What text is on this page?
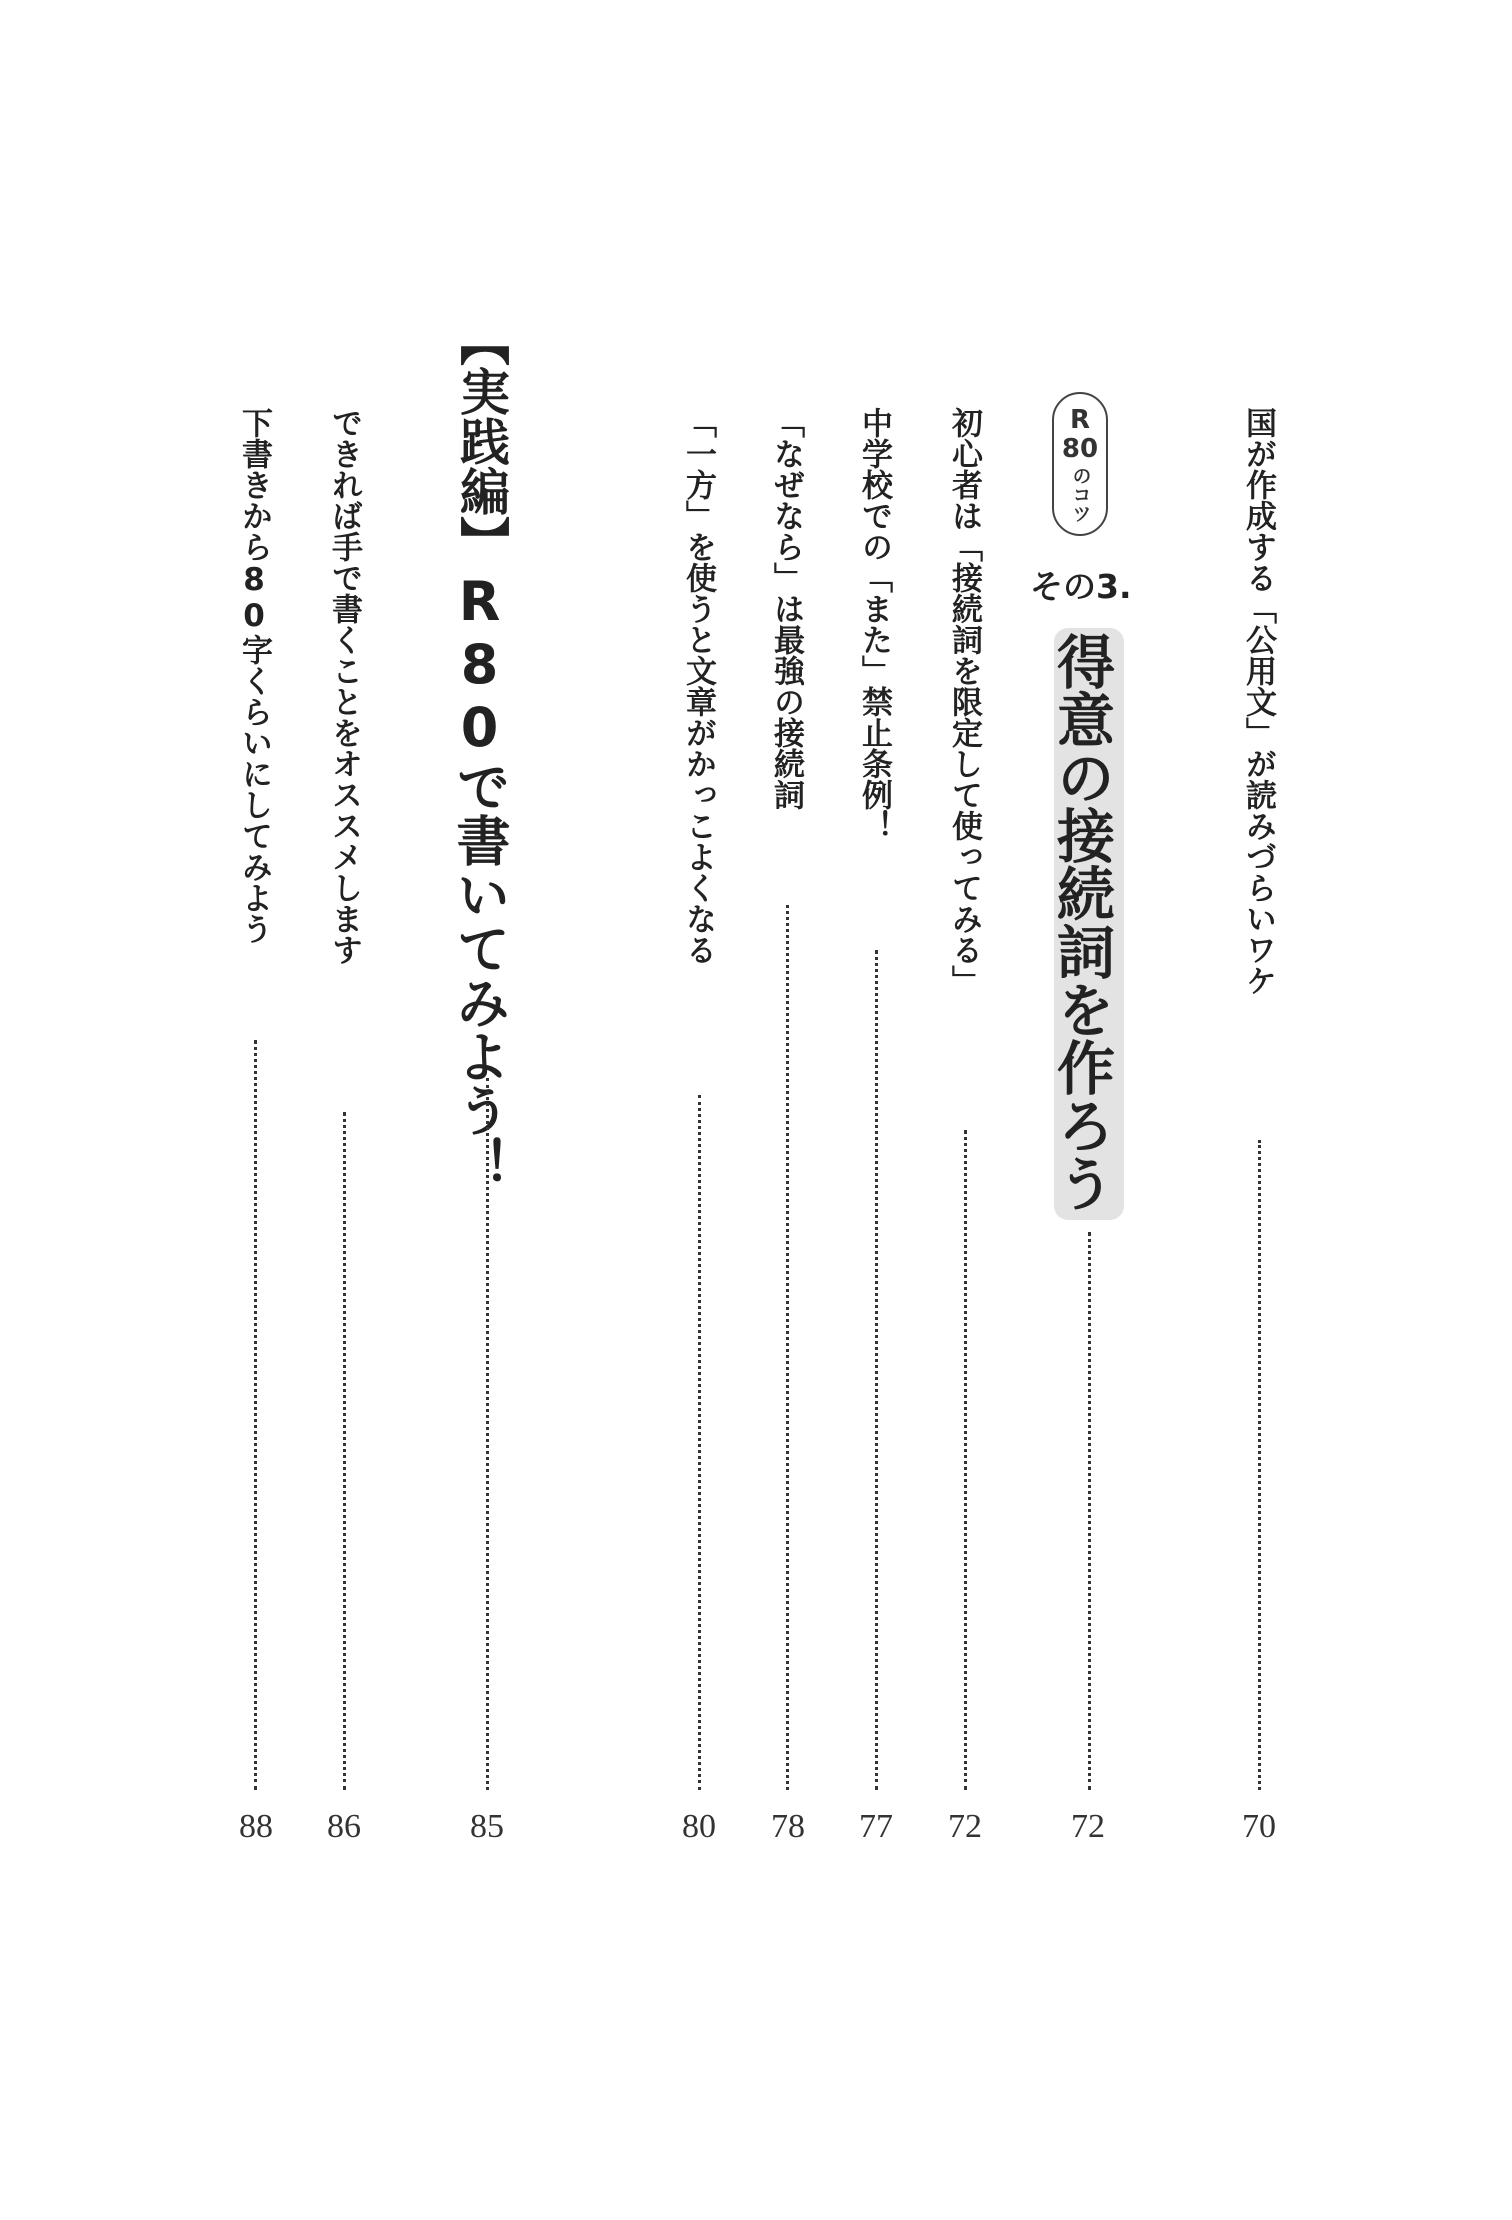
国が作成する「公用文」が読みづらいワケ
70
R
80
のコツ
その3.
得意の接続詞を作ろう
72
初心者は「接続詞を限定して使ってみる」
72
中学校での「また」禁止条例！
77
「なぜなら」は最強の接続詞
78
「一方」を使うと文章がかっこよくなる
80
【実践編】
R80で書いてみよう！
85
できれば手で書くことをオススメします
86
下書きから80字くらいにしてみよう
88
